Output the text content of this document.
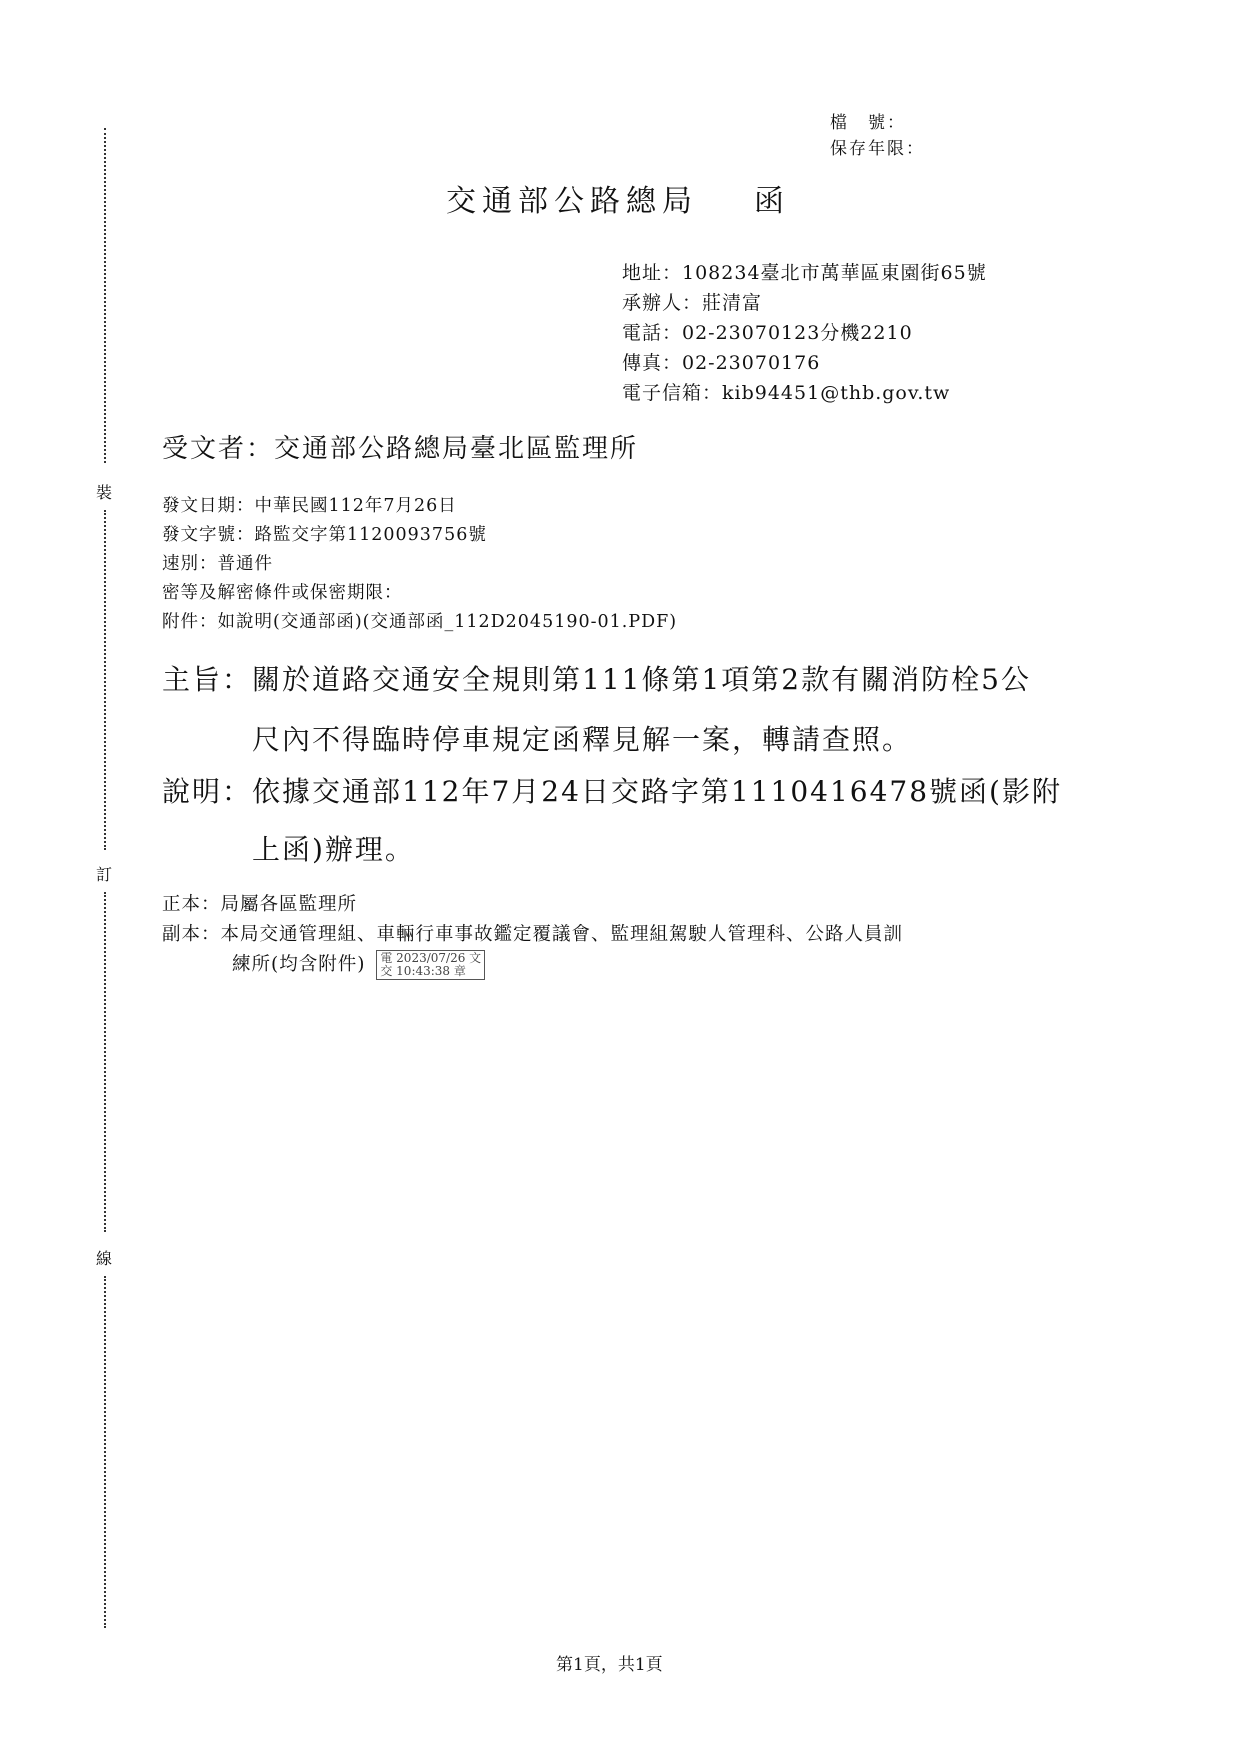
裝
訂
線
檔　號：
保存年限：
交通部公路總局 函
地址：108234臺北市萬華區東園街65號
承辦人：莊清富
電話：02-23070123分機2210
傳真：02-23070176
電子信箱：kib94451@thb.gov.tw
受文者：交通部公路總局臺北區監理所
發文日期：中華民國112年7月26日
發文字號：路監交字第1120093756號
速別：普通件
密等及解密條件或保密期限：
附件：如說明(交通部函)(交通部函_112D2045190-01.PDF)
主旨：關於道路交通安全規則第111條第1項第2款有關消防栓5公
尺內不得臨時停車規定函釋見解一案，轉請查照。
說明：依據交通部112年7月24日交路字第1110416478號函(影附
上函)辦理。
正本：局屬各區監理所
副本：本局交通管理組、車輛行車事故鑑定覆議會、監理組駕駛人管理科、公路人員訓
練所(均含附件) 電 2023/07/26 文
交 10:43:38 章
第1頁，共1頁
